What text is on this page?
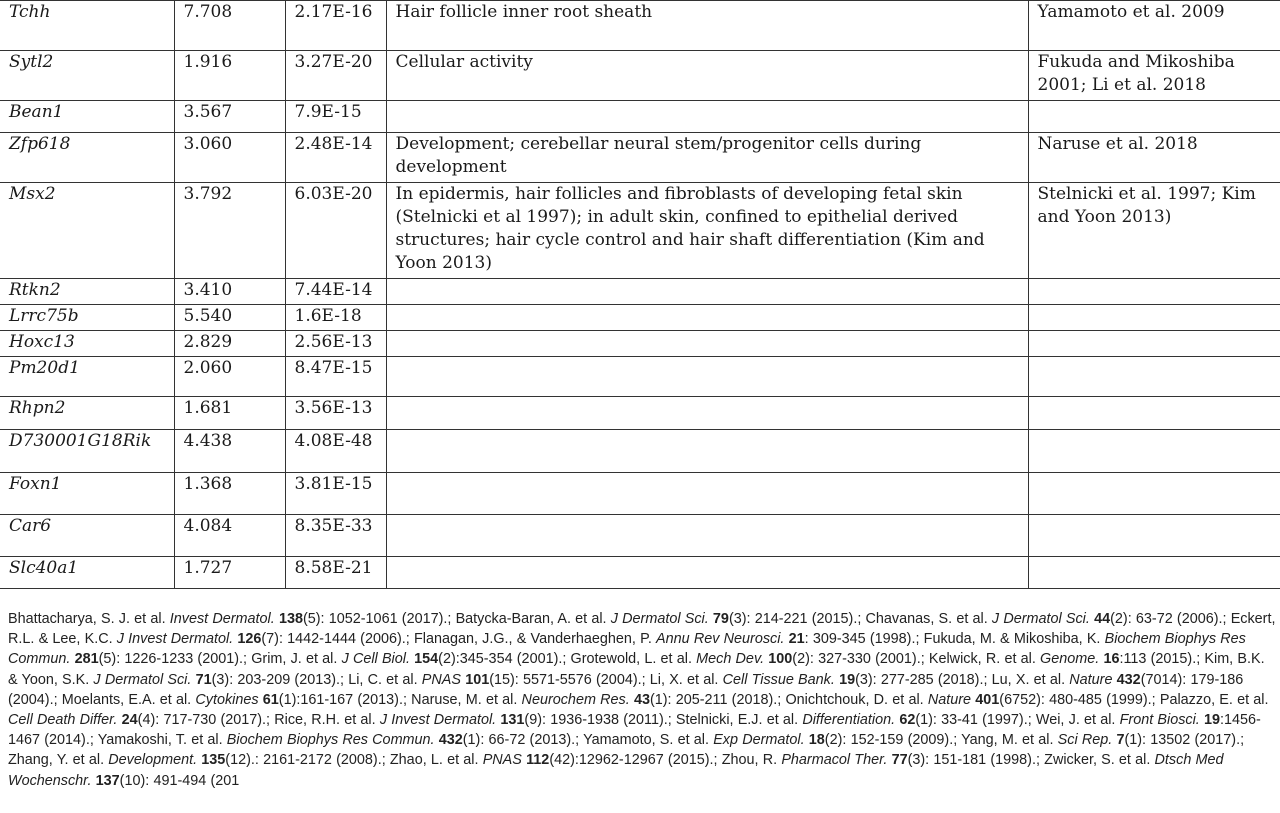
Tchh	7.708	2.17E-16	Hair follicle inner root sheath	Yamamoto et al. 2009
Sytl2	1.916	3.27E-20	Cellular activity	Fukuda and Mikoshiba 2001; Li et al. 2018
Bean1	3.567	7.9E-15		
Zfp618	3.060	2.48E-14	Development; cerebellar neural stem/progenitor cells during development	Naruse et al. 2018
Msx2	3.792	6.03E-20	In epidermis, hair follicles and fibroblasts of developing fetal skin (Stelnicki et al 1997); in adult skin, confined to epithelial derived structures; hair cycle control and hair shaft differentiation (Kim and Yoon 2013)	Stelnicki et al. 1997; Kim and Yoon 2013)
Rtkn2	3.410	7.44E-14		
Lrrc75b	5.540	1.6E-18		
Hoxc13	2.829	2.56E-13		
Pm20d1	2.060	8.47E-15		
Rhpn2	1.681	3.56E-13		
D730001G18Rik	4.438	4.08E-48		
Foxn1	1.368	3.81E-15		
Car6	4.084	8.35E-33		
Slc40a1	1.727	8.58E-21		
Bhattacharya, S. J. et al. Invest Dermatol. 138(5): 1052-1061 (2017).; Batycka-Baran, A. et al. J Dermatol Sci. 79(3): 214-221 (2015).; Chavanas, S. et al. J Dermatol Sci. 44(2): 63-72 (2006).; Eckert, R.L. & Lee, K.C. J Invest Dermatol. 126(7): 1442-1444 (2006).; Flanagan, J.G., & Vanderhaeghen, P. Annu Rev Neurosci. 21: 309-345 (1998).; Fukuda, M. & Mikoshiba, K. Biochem Biophys Res Commun. 281(5): 1226-1233 (2001).; Grim, J. et al. J Cell Biol. 154(2):345-354 (2001).; Grotewold, L. et al. Mech Dev. 100(2): 327-330 (2001).; Kelwick, R. et al. Genome. 16:113 (2015).; Kim, B.K. & Yoon, S.K. J Dermatol Sci. 71(3): 203-209 (2013).; Li, C. et al. PNAS 101(15): 5571-5576 (2004).; Li, X. et al. Cell Tissue Bank. 19(3): 277-285 (2018).; Lu, X. et al. Nature 432(7014): 179-186 (2004).; Moelants, E.A. et al. Cytokines 61(1):161-167 (2013).; Naruse, M. et al. Neurochem Res. 43(1): 205-211 (2018).; Onichtchouk, D. et al. Nature 401(6752): 480-485 (1999).; Palazzo, E. et al. Cell Death Differ. 24(4): 717-730 (2017).; Rice, R.H. et al. J Invest Dermatol. 131(9): 1936-1938 (2011).; Stelnicki, E.J. et al. Differentiation. 62(1): 33-41 (1997).; Wei, J. et al. Front Biosci. 19:1456-1467 (2014).; Yamakoshi, T. et al. Biochem Biophys Res Commun. 432(1): 66-72 (2013).; Yamamoto, S. et al. Exp Dermatol. 18(2): 152-159 (2009).; Yang, M. et al. Sci Rep. 7(1): 13502 (2017).; Zhang, Y. et al. Development. 135(12).: 2161-2172 (2008).; Zhao, L. et al. PNAS 112(42):12962-12967 (2015).; Zhou, R. Pharmacol Ther. 77(3): 151-181 (1998).; Zwicker, S. et al. Dtsch Med Wochenschr. 137(10): 491-494 (201
